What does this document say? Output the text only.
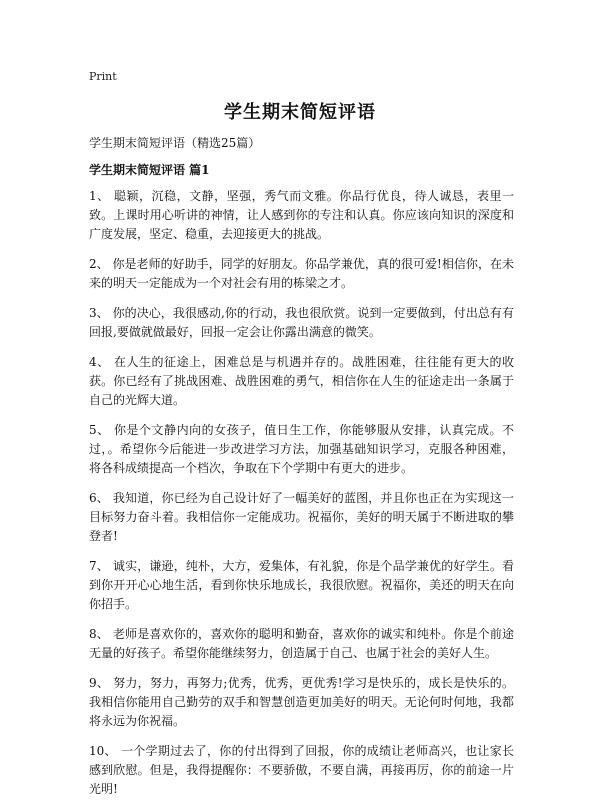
Print
学生期末简短评语
学生期末简短评语（精选25篇）
学生期末简短评语 篇1

1、 聪颖，沉稳，文静，坚强，秀气而文雅。你品行优良，待人诚恳，表里一致。上课时用心听讲的神情，让人感到你的专注和认真。你应该向知识的深度和广度发展，坚定、稳重，去迎接更大的挑战。

2、 你是老师的好助手，同学的好朋友。你品学兼优，真的很可爱!相信你，在未来的明天一定能成为一个对社会有用的栋梁之才。

3、 你的决心，我很感动,你的行动，我也很欣赏。说到一定要做到，付出总有有回报,要做就做最好，回报一定会让你露出满意的微笑。

4、 在人生的征途上，困难总是与机遇并存的。战胜困难，往往能有更大的收获。你已经有了挑战困难、战胜困难的勇气，相信你在人生的征途走出一条属于自己的光辉大道。

5、 你是个文静内向的女孩子，值日生工作，你能够服从安排，认真完成。不过，。希望你今后能进一步改进学习方法，加强基础知识学习，克服各种困难，将各科成绩提高一个档次，争取在下个学期中有更大的进步。

6、 我知道，你已经为自己设计好了一幅美好的蓝图，并且你也正在为实现这一目标努力奋斗着。我相信你一定能成功。祝福你，美好的明天属于不断进取的攀登者!

7、 诚实，谦逊，纯朴，大方，爱集体，有礼貌，你是个品学兼优的好学生。看到你开开心心地生活，看到你快乐地成长，我很欣慰。祝福你，美还的明天在向你招手。

8、 老师是喜欢你的，喜欢你的聪明和勤奋，喜欢你的诚实和纯朴。你是个前途无量的好孩子。希望你能继续努力，创造属于自己、也属于社会的美好人生。

9、 努力，努力，再努力;优秀，优秀，更优秀!学习是快乐的，成长是快乐的。我相信你能用自己勤劳的双手和智慧创造更加美好的明天。无论何时何地，我都将永远为你祝福。

10、 一个学期过去了，你的付出得到了回报，你的成绩让老师高兴，也让家长感到欣慰。但是，我得提醒你：不要骄傲，不要自满，再接再厉，你的前途一片光明!
